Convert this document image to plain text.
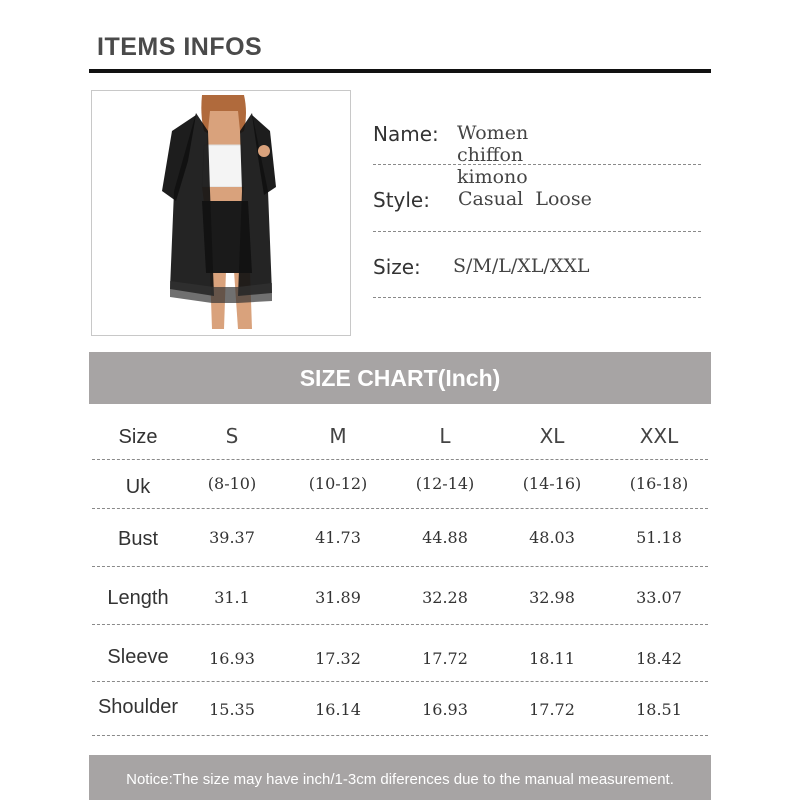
ITEMS INFOS
Name: Women chiffon kimono
Style: Casual  Loose
Size: S/M/L/XL/XXL
SIZE CHART(Inch)
Size	S	M	L	XL	XXL
Uk	(8-10)	(10-12)	(12-14)	(14-16)	(16-18)
Bust	39.37	41.73	44.88	48.03	51.18
Length	31.1	31.89	32.28	32.98	33.07
Sleeve	16.93	17.32	17.72	18.11	18.42
Shoulder	15.35	16.14	16.93	17.72	18.51
Notice:The size may have inch/1-3cm diferences due to the manual measurement.
